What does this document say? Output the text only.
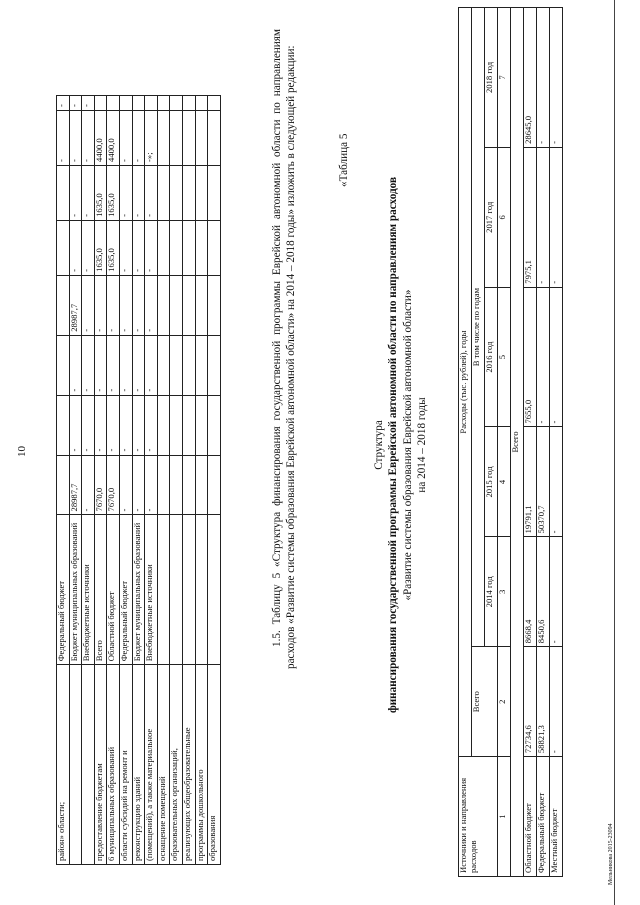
10
район» области;	Федеральный бюджет							-	-
	Бюджет муниципальных образований	28987,7	-	-	28987,7	-	-	-	-
	Внебюджетные источники	-	-	-	-	-	-	-	-
предоставление бюджетам	Всего	7670,0	-	-	-	1635,0	1635,0	4400,0	
6 муниципальных образований	Областной бюджет	7670,0	-	-	-	1635,0	1635,0	4400,0	
области субсидий на ремонт и	Федеральный бюджет	-	-	-	-	-	-	-	
реконструкцию зданий	Бюджет муниципальных образований	-	-	-	-	-	-	-	
(помещений), а также материальное	Внебюджетные источники	-	-	-	-	-	-	-»;	
оснащение помещений									
образовательных организаций,									
реализующих общеобразовательные									
программы дошкольного									
образования									

1.5. Таблицу 5 «Структура финансирования государственной программы Еврейской автономной области по направлениям расходов «Развитие системы образования Еврейской автономной области» на 2014 – 2018 годы» изложить в следующей редакции:

«Таблица 5
Структура финансирования государственной программы Еврейской автономной области по направлениям расходов «Развитие системы образования Еврейской автономной области» на 2014 – 2018 годы
Источники и направления расходов	Расходы (тыс. рублей), годы					
	Всего	В том числе по годам				
		2014 год	2015 год	2016 год	2017 год	2018 год
1	2	3	4	5	6	7
Всего						
Областной бюджет	72734,6	8668,4	19791,1	7655,0	7975,1	28645,0
Федеральный бюджет	58821,3	8450,6	50370,7	-	-	-
Местный бюджет	-	-	-	-	-	-
Мельникова 2015-23094
